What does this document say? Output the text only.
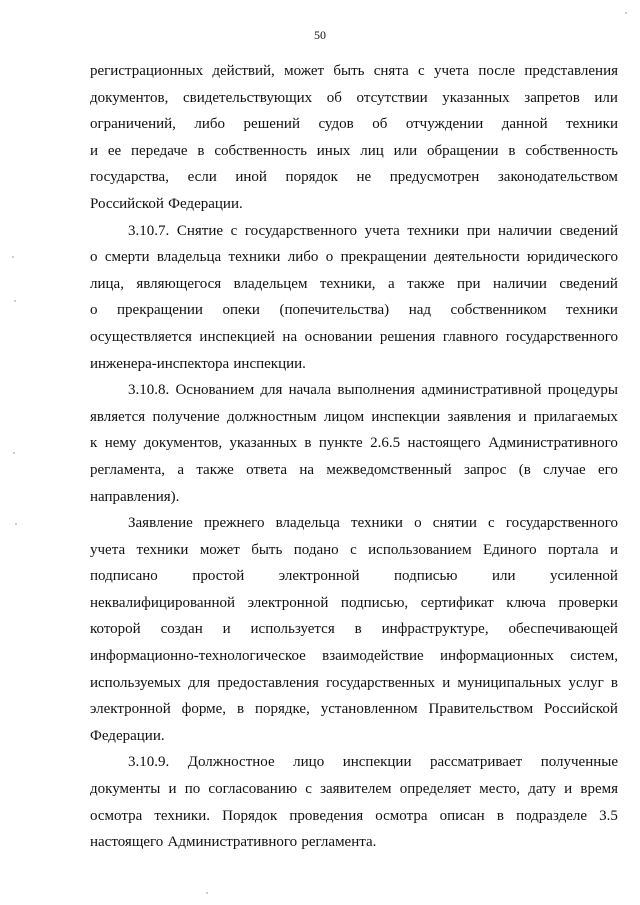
50
регистрационных действий, может быть снята с учета после представления
документов, свидетельствующих об отсутствии указанных запретов или
ограничений, либо решений судов об отчуждении данной техники
и ее передаче в собственность иных лиц или обращении в собственность
государства, если иной порядок не предусмотрен законодательством
Российской Федерации.
3.10.7. Снятие с государственного учета техники при наличии сведений
о смерти владельца техники либо о прекращении деятельности юридического
лица, являющегося владельцем техники, а также при наличии сведений
о прекращении опеки (попечительства) над собственником техники
осуществляется инспекцией на основании решения главного государственного
инженера-инспектора инспекции.
3.10.8. Основанием для начала выполнения административной процедуры
является получение должностным лицом инспекции заявления и прилагаемых
к нему документов, указанных в пункте 2.6.5 настоящего Административного
регламента, а также ответа на межведомственный запрос (в случае его
направления).
Заявление прежнего владельца техники о снятии с государственного
учета техники может быть подано с использованием Единого портала и
подписано простой электронной подписью или усиленной
неквалифицированной электронной подписью, сертификат ключа проверки
которой создан и используется в инфраструктуре, обеспечивающей
информационно-технологическое взаимодействие информационных систем,
используемых для предоставления государственных и муниципальных услуг в
электронной форме, в порядке, установленном Правительством Российской
Федерации.
3.10.9. Должностное лицо инспекции рассматривает полученные
документы и по согласованию с заявителем определяет место, дату и время
осмотра техники. Порядок проведения осмотра описан в подразделе 3.5
настоящего Административного регламента.
